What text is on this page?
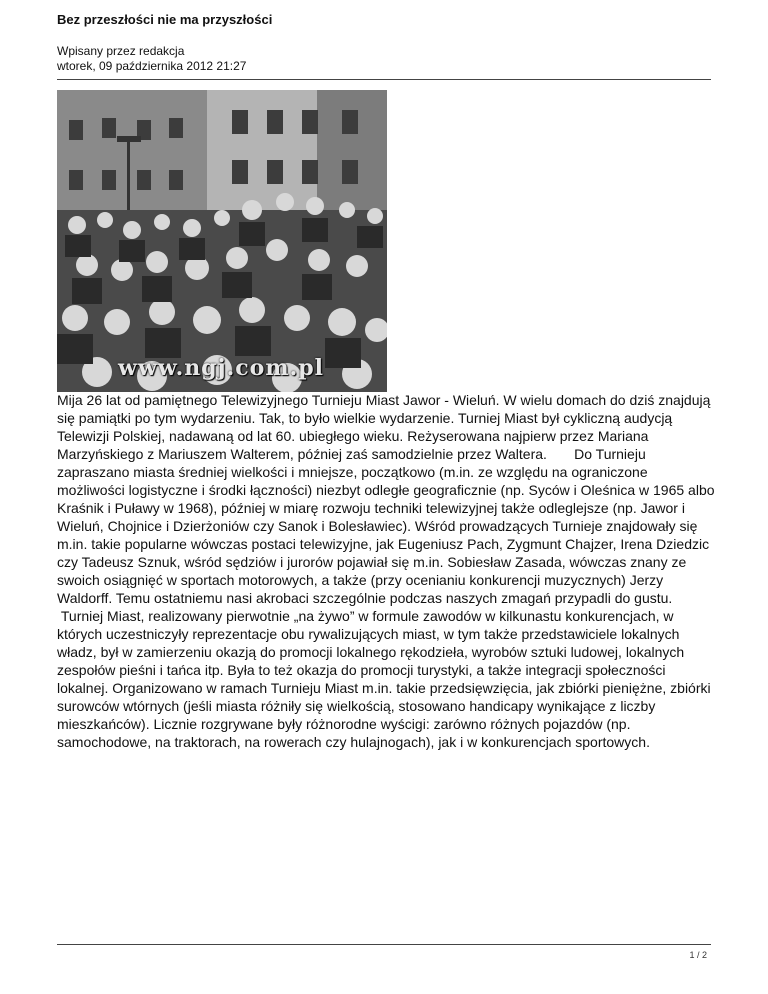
Bez przeszłości nie ma przyszłości
Wpisany przez redakcja
wtorek, 09 października 2012 21:27
www.ngj.com.pl

Mija 26 lat od pamiętnego Telewizyjnego Turnieju Miast Jawor - Wieluń. W wielu domach do dziś znajdują się pamiątki po tym wydarzeniu. Tak, to było wielkie wydarzenie. Turniej Miast był cykliczną audycją Telewizji Polskiej, nadawaną od lat 60. ubiegłego wieku. Reżyserowana najpierw przez Mariana Marzyńskiego z Mariuszem Walterem, później zaś samodzielnie przez Waltera.       Do Turnieju zapraszano miasta średniej wielkości i mniejsze, początkowo (m.in. ze względu na ograniczone możliwości logistyczne i środki łączności) niezbyt odległe geograficznie (np. Syców i Oleśnica w 1965 albo Kraśnik i Puławy w 1968), później w miarę rozwoju techniki telewizyjnej także odleglejsze (np. Jawor i Wieluń, Chojnice i Dzierżoniów czy Sanok i Bolesławiec). Wśród prowadzących Turnieje znajdowały się m.in. takie popularne wówczas postaci telewizyjne, jak Eugeniusz Pach, Zygmunt Chajzer, Irena Dziedzic czy Tadeusz Sznuk, wśród sędziów i jurorów pojawiał się m.in. Sobiesław Zasada, wówczas znany ze swoich osiągnięć w sportach motorowych, a także (przy ocenianiu konkurencji muzycznych) Jerzy Waldorff. Temu ostatniemu nasi akrobaci szczególnie podczas naszych zmagań przypadli do gustu.

Turniej Miast, realizowany pierwotnie „na żywo” w formule zawodów w kilkunastu konkurencjach, w których uczestniczyły reprezentacje obu rywalizujących miast, w tym także przedstawiciele lokalnych władz, był w zamierzeniu okazją do promocji lokalnego rękodzieła, wyrobów sztuki ludowej, lokalnych zespołów pieśni i tańca itp. Była to też okazja do promocji turystyki, a także integracji społeczności lokalnej. Organizowano w ramach Turnieju Miast m.in. takie przedsięwzięcia, jak zbiórki pieniężne, zbiórki surowców wtórnych (jeśli miasta różniły się wielkością, stosowano handicapy wynikające z liczby mieszkańców). Licznie rozgrywane były różnorodne wyścigi: zarówno różnych pojazdów (np. samochodowe, na traktorach, na rowerach czy hulajnogach), jak i w konkurencjach sportowych.

1 / 2
